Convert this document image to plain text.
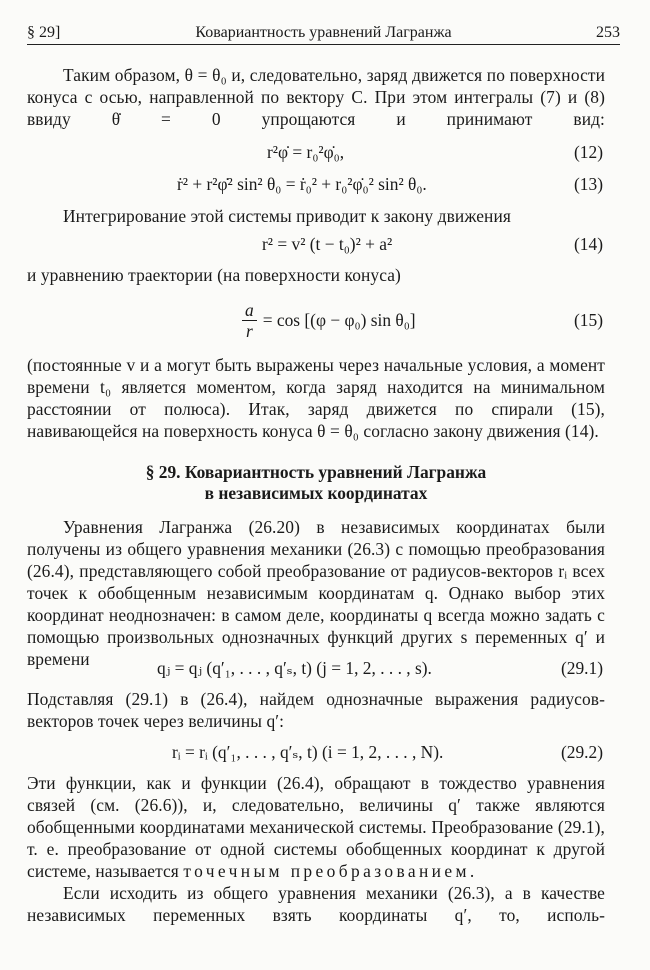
§ 29]	Ковариантность уравнений Лагранжа	253
Таким образом, θ = θ₀ и, следовательно, заряд движется по поверхности конуса с осью, направленной по вектору C. При этом интегралы (7) и (8) ввиду θ̇ = 0 упрощаются и принимают вид:
r²φ̇ = r₀²φ̇₀,	(12)
ṙ² + r²φ̇² sin² θ₀ = ṙ₀² + r₀²φ̇₀² sin² θ₀.	(13)
Интегрирование этой системы приводит к закону движения
r² = v² (t − t₀)² + a²	(14)
и уравнению траектории (на поверхности конуса)
$\frac{a}{r} = \cos [(\varphi - \varphi_0)$ sin θ₀]	(15)
(постоянные v и a могут быть выражены через начальные условия, а момент времени t₀ является моментом, когда заряд находится на минимальном расстоянии от полюса). Итак, заряд движется по спирали (15), навивающейся на поверхность конуса θ = θ₀ согласно закону движения (14).
§ 29. Ковариантность уравнений Лагранжа
в независимых координатах
Уравнения Лагранжа (26.20) в независимых координатах были получены из общего уравнения механики (26.3) с помощью преобразования (26.4), представляющего собой преобразование от радиусов-векторов rᵢ всех точек к обобщенным независимым координатам q. Однако выбор этих координат неоднозначен: в самом деле, координаты q всегда можно задать с помощью произвольных однозначных функций других s переменных q′ и времени	qⱼ = qⱼ (q′₁, . . . , q′ₛ, t) (j = 1, 2, . . . , s).	(29.1)
Подставляя (29.1) в (26.4), найдем однозначные выражения радиусов-векторов точек через величины q′:
rᵢ = rᵢ (q′₁, . . . , q′ₛ, t) (i = 1, 2, . . . , N).	(29.2)
Эти функции, как и функции (26.4), обращают в тождество уравнения связей (см. (26.6)), и, следовательно, величины q′ также являются обобщенными координатами механической системы. Преобразование (29.1), т. е. преобразование от одной системы обобщенных координат к другой системе, называется точечным преобразованием.
Если исходить из общего уравнения механики (26.3), а в качестве независимых переменных взять координаты q′, то, исполь-
